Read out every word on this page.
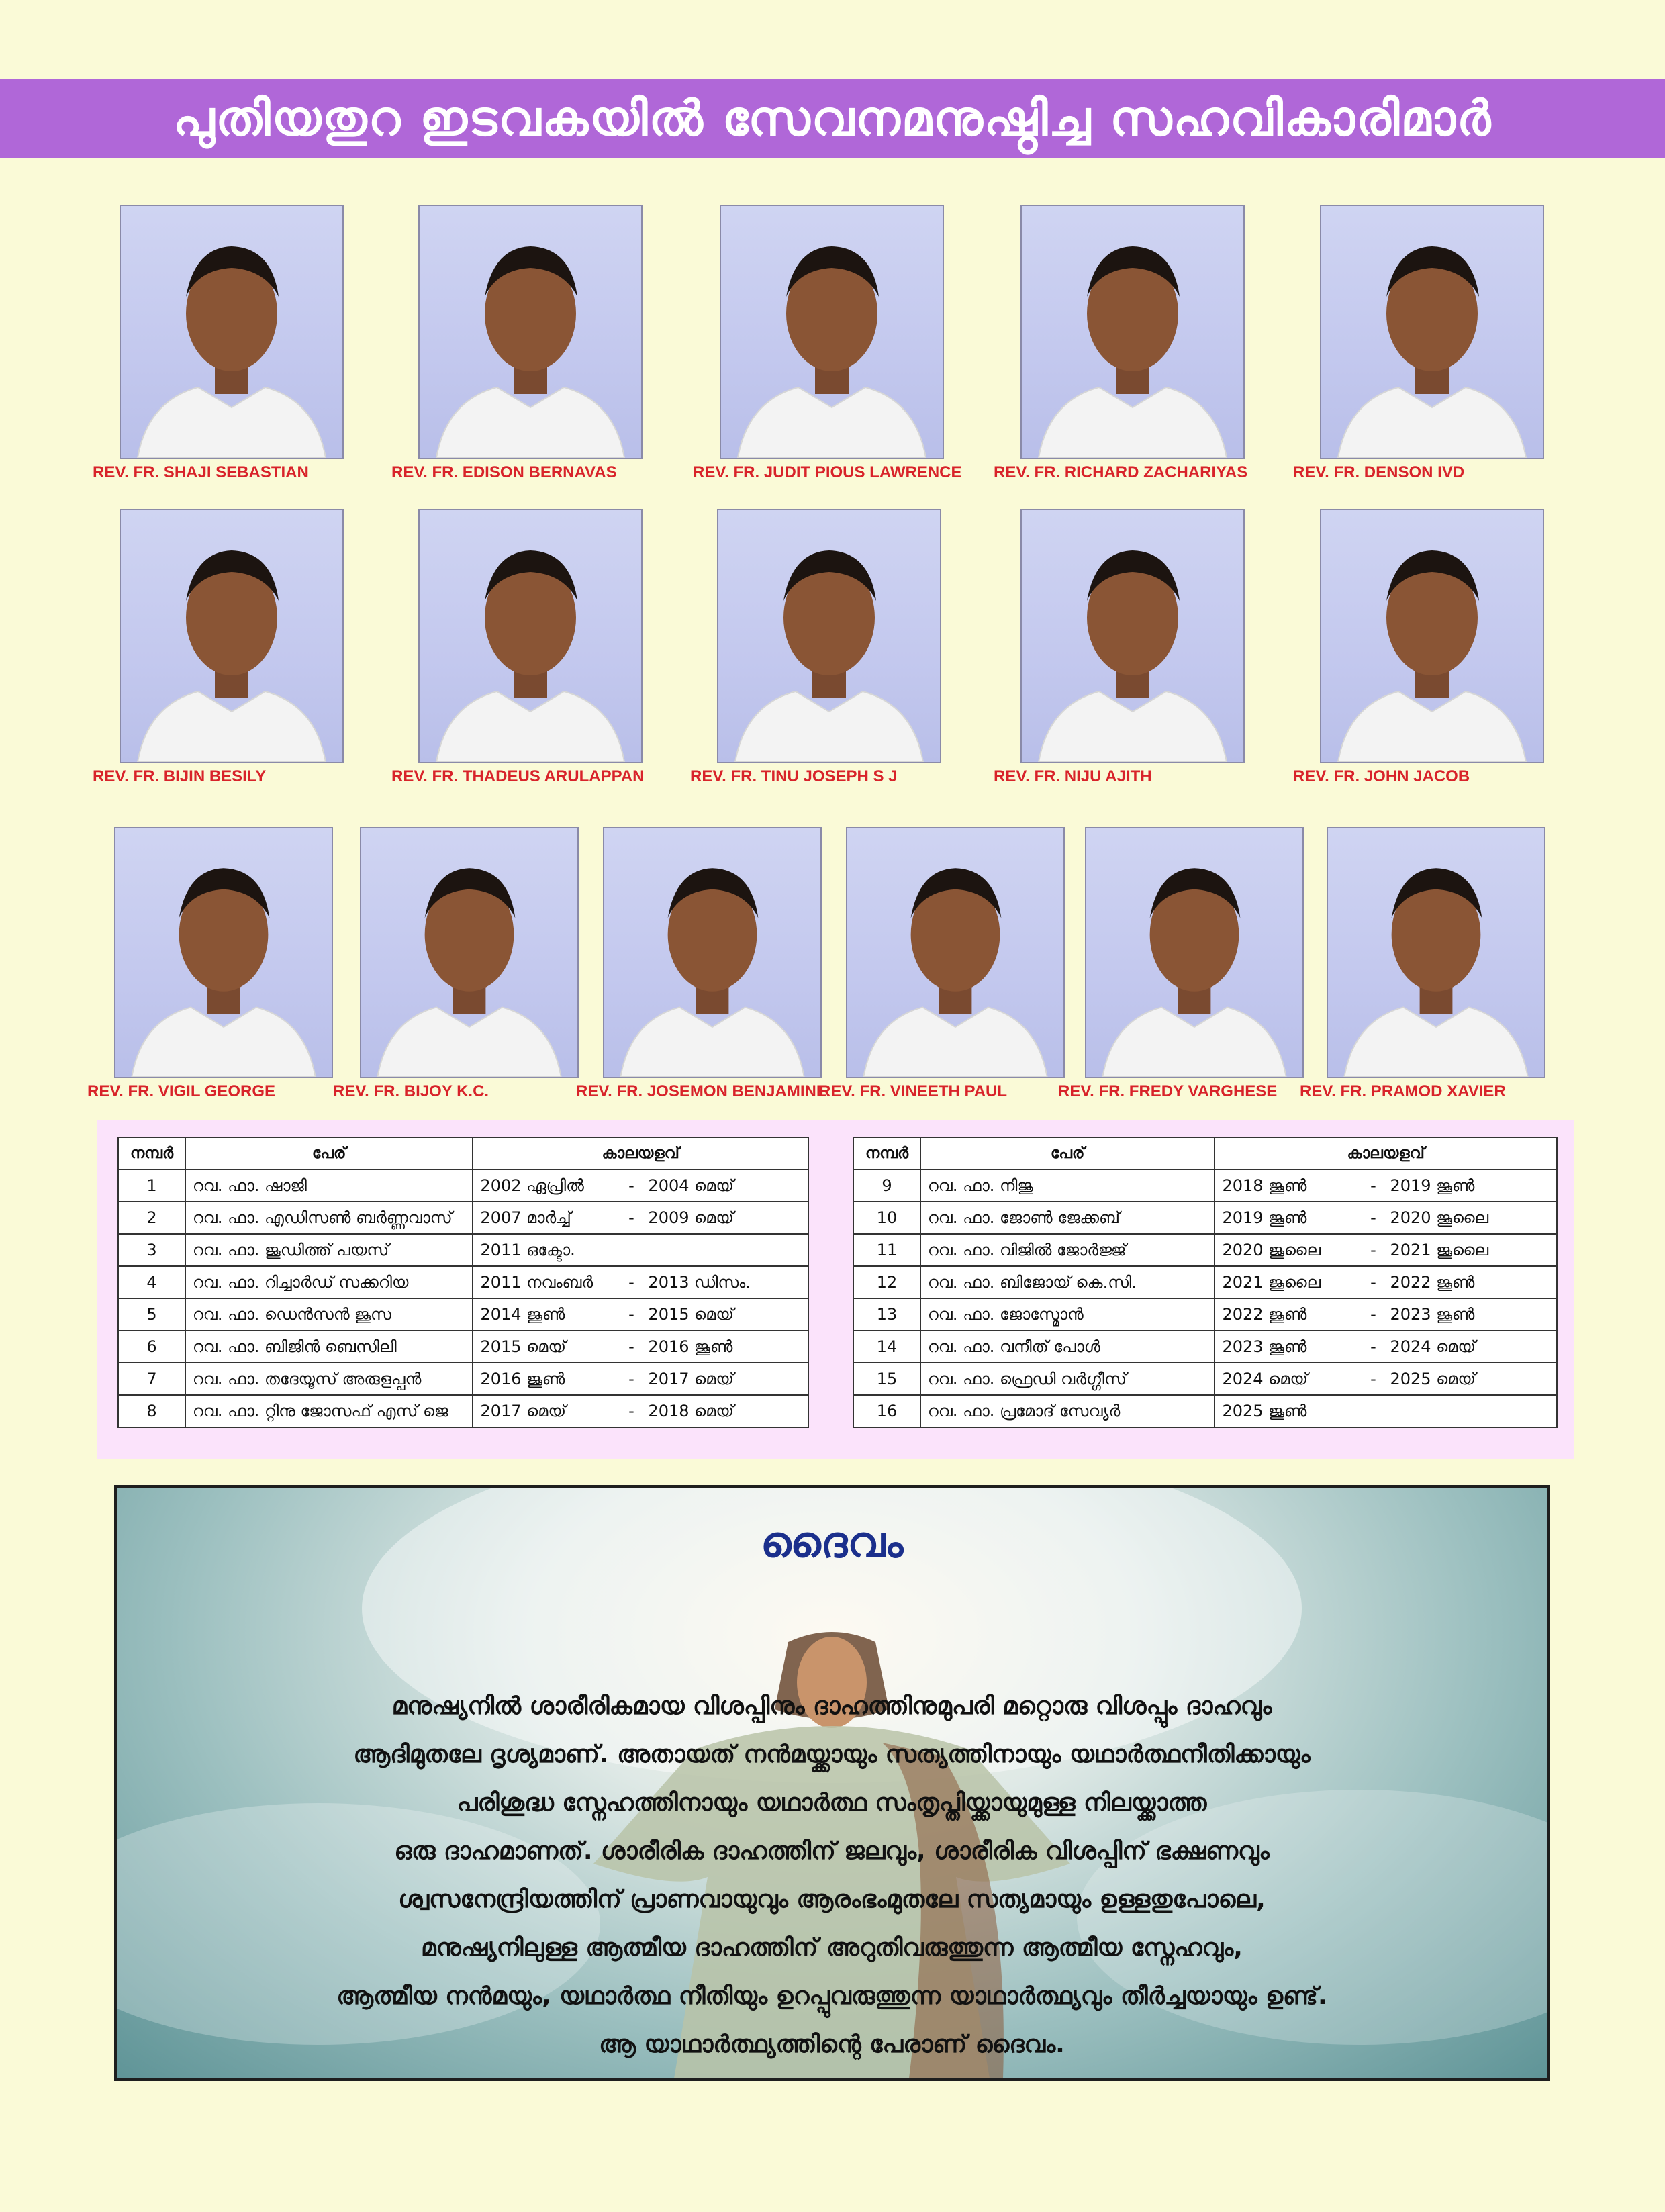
പുതിയതുറ ഇടവകയിൽ സേവനമനുഷ്ഠിച്ച സഹവികാരിമാർ
REV. FR. SHAJI SEBASTIAN	REV. FR. EDISON BERNAVAS	REV. FR. JUDIT PIOUS LAWRENCE REV. FR. RICHARD ZACHARIYAS	REV. FR. DENSON IVD
REV. FR. BIJIN BESILY	REV. FR. THADEUS ARULAPPAN	REV. FR. TINU JOSEPH S J	REV. FR. NIJU AJITH	REV. FR. JOHN JACOB
REV. FR. VIGIL GEORGE	REV. FR. BIJOY K.C.	REV. FR. JOSEMON BENJAMINE
REV. FR. VINEETH PAUL	REV. FR. FREDY VARGHESE REV. FR. PRAMOD XAVIER
നമ്പർ	പേര്	കാലയളവ്
1	റവ. ഫാ. ഷാജി	2002 ഏപ്രിൽ - 2004 മെയ്
2	റവ. ഫാ. എഡിസൺ ബർണ്ണവാസ്	2007 മാർച്ച് - 2009 മെയ്
3	റവ. ഫാ. ജൂഡിത്ത് പയസ്	2011 ഒക്ടോ.
4	റവ. ഫാ. റിച്ചാർഡ് സക്കറിയ	2011 നവംബർ - 2013 ഡിസം.
5	റവ. ഫാ. ഡെൻസൻ ജൂസ	2014 ജൂൺ - 2015 മെയ്
6	റവ. ഫാ. ബിജിൻ ബെസിലി	2015 മെയ് - 2016 ജൂൺ
7	റവ. ഫാ. തദേയൂസ് അരുളപ്പൻ	2016 ജൂൺ - 2017 മെയ്
8	റവ. ഫാ. റ്റിനു ജോസഫ് എസ് ജെ	2017 മെയ് - 2018 മെയ്
നമ്പർ	പേര്	കാലയളവ്
9	റവ. ഫാ. നിജു	2018 ജൂൺ - 2019 ജൂൺ
10	റവ. ഫാ. ജോൺ ജേക്കബ്	2019 ജൂൺ - 2020 ജൂലൈ
11	റവ. ഫാ. വിജിൽ ജോർജ്ജ്	2020 ജൂലൈ - 2021 ജൂലൈ
12	റവ. ഫാ. ബിജോയ് കെ.സി.	2021 ജൂലൈ - 2022 ജൂൺ
13	റവ. ഫാ. ജോസ്മോൻ	2022 ജൂൺ - 2023 ജൂൺ
14	റവ. ഫാ. വനീത് പോൾ	2023 ജൂൺ - 2024 മെയ്
15	റവ. ഫാ. ഫ്രെഡി വർഗ്ഗീസ്	2024 മെയ് - 2025 മെയ്
16	റവ. ഫാ. പ്രമോദ് സേവ്യർ	2025 ജൂൺ
ദൈവം
മനുഷ്യനിൽ ശാരീരികമായ വിശപ്പിനും ദാഹത്തിനുമുപരി മറ്റൊരു വിശപ്പും ദാഹവും
ആദിമുതലേ ദൃശ്യമാണ്. അതായത് നൻമയ്ക്കായും സത്യത്തിനായും യഥാർത്ഥനീതിക്കായും
പരിശുദ്ധ സ്നേഹത്തിനായും യഥാർത്ഥ സംതൃപ്തിയ്ക്കായുമുള്ള നിലയ്ക്കാത്ത
ഒരു ദാഹമാണത്. ശാരീരിക ദാഹത്തിന് ജലവും, ശാരീരിക വിശപ്പിന് ഭക്ഷണവും
ശ്വസനേന്ദ്രിയത്തിന് പ്രാണവായുവും ആരംഭംമുതലേ സത്യമായും ഉള്ളതുപോലെ,
മനുഷ്യനിലുള്ള ആത്മീയ ദാഹത്തിന് അറുതിവരുത്തുന്ന ആത്മീയ സ്നേഹവും,
ആത്മീയ നൻമയും, യഥാർത്ഥ നീതിയും ഉറപ്പുവരുത്തുന്ന യാഥാർത്ഥ്യവും തീർച്ചയായും ഉണ്ട്.
ആ യാഥാർത്ഥ്യത്തിന്റെ പേരാണ് ദൈവം.
